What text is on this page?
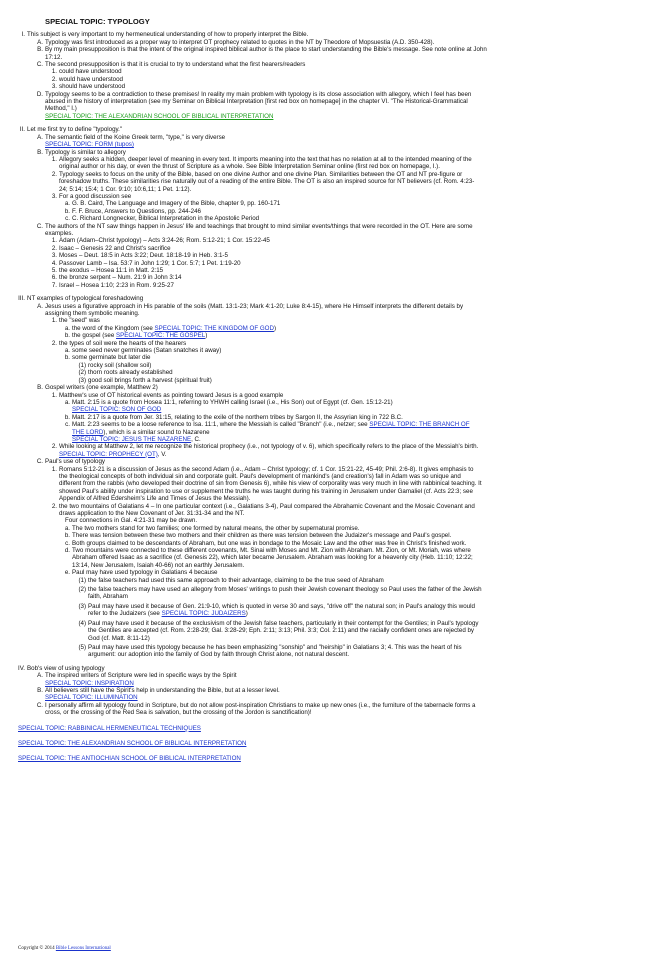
SPECIAL TOPIC: TYPOLOGY
I. This subject is very important to my hermeneutical understanding of how to properly interpret the Bible.
A. Typology was first introduced as a proper way to interpret OT prophecy related to quotes in the NT by Theodore of Mopsuestia (A.D. 350-428).
B. By my main presupposition is that the intent of the original inspired biblical author is the place to start understanding the Bible's message. See note online at John
17:12.
C. The second presupposition is that it is crucial to try to understand what the first hearers/readers
1. could have understood
2. would have understood
3. should have understood
D. Typology seems to be a contradiction to these premises! In reality my main problem with typology is its close association with allegory, which I feel has been
abused in the history of interpretation (see my Seminar on Biblical Interpretation [first red box on homepage] in the chapter VI. "The Historical-Grammatical
Method," I.)
SPECIAL TOPIC: THE ALEXANDRIAN SCHOOL OF BIBLICAL INTERPRETATION
II. Let me first try to define "typology."
A. The semantic field of the Koine Greek term, "type," is very diverse
SPECIAL TOPIC: FORM (tupos)
B. Typology is similar to allegory
1. Allegory seeks a hidden, deeper level of meaning in every text. It imports meaning into the text that has no relation at all to the intended meaning of the
original author or his day, or even the thrust of Scripture as a whole. See Bible Interpretation Seminar online (first red box on homepage, I.).
2. Typology seeks to focus on the unity of the Bible, based on one divine Author and one divine Plan. Similarities between the OT and NT pre-figure or
foreshadow truths. These similarities rise naturally out of a reading of the entire Bible. The OT is also an inspired source for NT believers (cf. Rom. 4:23-
24; 5:14; 15:4; 1 Cor. 9:10; 10:6,11; 1 Pet. 1:12).
3. For a good discussion see
a. G. B. Caird, The Language and Imagery of the Bible, chapter 9, pp. 160-171
b. F. F. Bruce, Answers to Questions, pp. 244-246
c. C. Richard Longnecker, Biblical Interpretation in the Apostolic Period
C. The authors of the NT saw things happen in Jesus' life and teachings that brought to mind similar events/things that were recorded in the OT. Here are some
examples.
1. Adam (Adam–Christ typology) – Acts 3:24-26; Rom. 5:12-21; 1 Cor. 15:22-45
2. Isaac – Genesis 22 and Christ's sacrifice
3. Moses – Deut. 18:5 in Acts 3:22; Deut. 18:18-19 in Heb. 3:1-5
4. Passover Lamb – Isa. 53:7 in John 1:29; 1 Cor. 5:7; 1 Pet. 1:19-20
5. the exodus – Hosea 11:1 in Matt. 2:15
6. the bronze serpent – Num. 21:9 in John 3:14
7. Israel – Hosea 1:10; 2:23 in Rom. 9:25-27
III. NT examples of typological foreshadowing
A. Jesus uses a figurative approach in His parable of the soils (Matt. 13:1-23; Mark 4:1-20; Luke 8:4-15), where He Himself interprets the different details by
assigning them symbolic meaning.
1. the "seed" was
a. the word of the Kingdom (see SPECIAL TOPIC: THE KINGDOM OF GOD)
b. the gospel (see SPECIAL TOPIC: THE GOSPEL)
2. the types of soil were the hearts of the hearers
a. some seed never germinates (Satan snatches it away)
b. some germinate but later die
(1) rocky soil (shallow soil)
(2) thorn roots already established
(3) good soil brings forth a harvest (spiritual fruit)
B. Gospel writers (one example, Matthew 2)
1. Matthew's use of OT historical events as pointing toward Jesus is a good example
a. Matt. 2:15 is a quote from Hosea 11:1, referring to YHWH calling Israel (i.e., His Son) out of Egypt (cf. Gen. 15:12-21)
SPECIAL TOPIC: SON OF GOD
b. Matt. 2:17 is a quote from Jer. 31:15, relating to the exile of the northern tribes by Sargon II, the Assyrian king in 722 B.C.
c. Matt. 2:23 seems to be a loose reference to Isa. 11:1, where the Messiah is called "Branch" (i.e., netzer; see SPECIAL TOPIC: THE BRANCH OF
THE LORD), which is a similar sound to Nazarene
SPECIAL TOPIC: JESUS THE NAZARENE, C.
2. While looking at Matthew 2, let me recognize the historical prophecy (i.e., not typology of v. 6), which specifically refers to the place of the Messiah's birth.
SPECIAL TOPIC: PROPHECY (OT), V.
C. Paul's use of typology
1. Romans 5:12-21 is a discussion of Jesus as the second Adam (i.e., Adam – Christ typology; cf. 1 Cor. 15:21-22, 45-49; Phil. 2:6-8). It gives emphasis to
the theological concepts of both individual sin and corporate guilt. Paul's development of mankind's (and creation's) fall in Adam was so unique and
different from the rabbis (who developed their doctrine of sin from Genesis 6), while his view of corporality was very much in line with rabbinical teaching. It
showed Paul's ability under inspiration to use or supplement the truths he was taught during his training in Jerusalem under Gamaliel (cf. Acts 22:3; see
Appendix of Alfred Edersheim's Life and Times of Jesus the Messiah).
2. the two mountains of Galatians 4 – In one particular context (i.e., Galatians 3-4), Paul compared the Abrahamic Covenant and the Mosaic Covenant and
draws application to the New Covenant of Jer. 31:31-34 and the NT.
Four connections in Gal. 4:21-31 may be drawn.
a. The two mothers stand for two families; one formed by natural means, the other by supernatural promise.
b. There was tension between these two mothers and their children as there was tension between the Judaizer's message and Paul's gospel.
c. Both groups claimed to be descendants of Abraham, but one was in bondage to the Mosaic Law and the other was free in Christ's finished work.
d. Two mountains were connected to these different covenants, Mt. Sinai with Moses and Mt. Zion with Abraham. Mt. Zion, or Mt. Moriah, was where
Abraham offered Isaac as a sacrifice (cf. Genesis 22), which later became Jerusalem. Abraham was looking for a heavenly city (Heb. 11:10; 12:22;
13:14, New Jerusalem, Isaiah 40-66) not an earthly Jerusalem.
e. Paul may have used typology in Galatians 4 because
(1) the false teachers had used this same approach to their advantage, claiming to be the true seed of Abraham
(2) the false teachers may have used an allegory from Moses' writings to push their Jewish covenant theology so Paul uses the father of the Jewish
faith, Abraham
(3) Paul may have used it because of Gen. 21:9-10, which is quoted in verse 30 and says, "drive off" the natural son; in Paul's analogy this would
refer to the Judaizers (see SPECIAL TOPIC: JUDAIZERS)
(4) Paul may have used it because of the exclusivism of the Jewish false teachers, particularly in their contempt for the Gentiles; in Paul's typology
the Gentiles are accepted (cf. Rom. 2:28-29; Gal. 3:28-29; Eph. 2:11; 3:13; Phil. 3:3; Col. 2:11) and the racially confident ones are rejected by
God (cf. Matt. 8:11-12)
(5) Paul may have used this typology because he has been emphasizing "sonship" and "heirship" in Galatians 3; 4. This was the heart of his
argument: our adoption into the family of God by faith through Christ alone, not natural descent.
IV. Bob's view of using typology
A. The inspired writers of Scripture were led in specific ways by the Spirit
SPECIAL TOPIC: INSPIRATION
B. All believers still have the Spirit's help in understanding the Bible, but at a lesser level.
SPECIAL TOPIC: ILLUMINATION
C. I personally affirm all typology found in Scripture, but do not allow post-inspiration Christians to make up new ones (i.e., the furniture of the tabernacle forms a
cross, or the crossing of the Red Sea is salvation, but the crossing of the Jordon is sanctification)!
SPECIAL TOPIC: RABBINICAL HERMENEUTICAL TECHNIQUES
SPECIAL TOPIC: THE ALEXANDRIAN SCHOOL OF BIBLICAL INTERPRETATION
SPECIAL TOPIC: THE ANTIOCHIAN SCHOOL OF BIBLICAL INTERPRETATION
Copyright © 2014 Bible Lessons International
